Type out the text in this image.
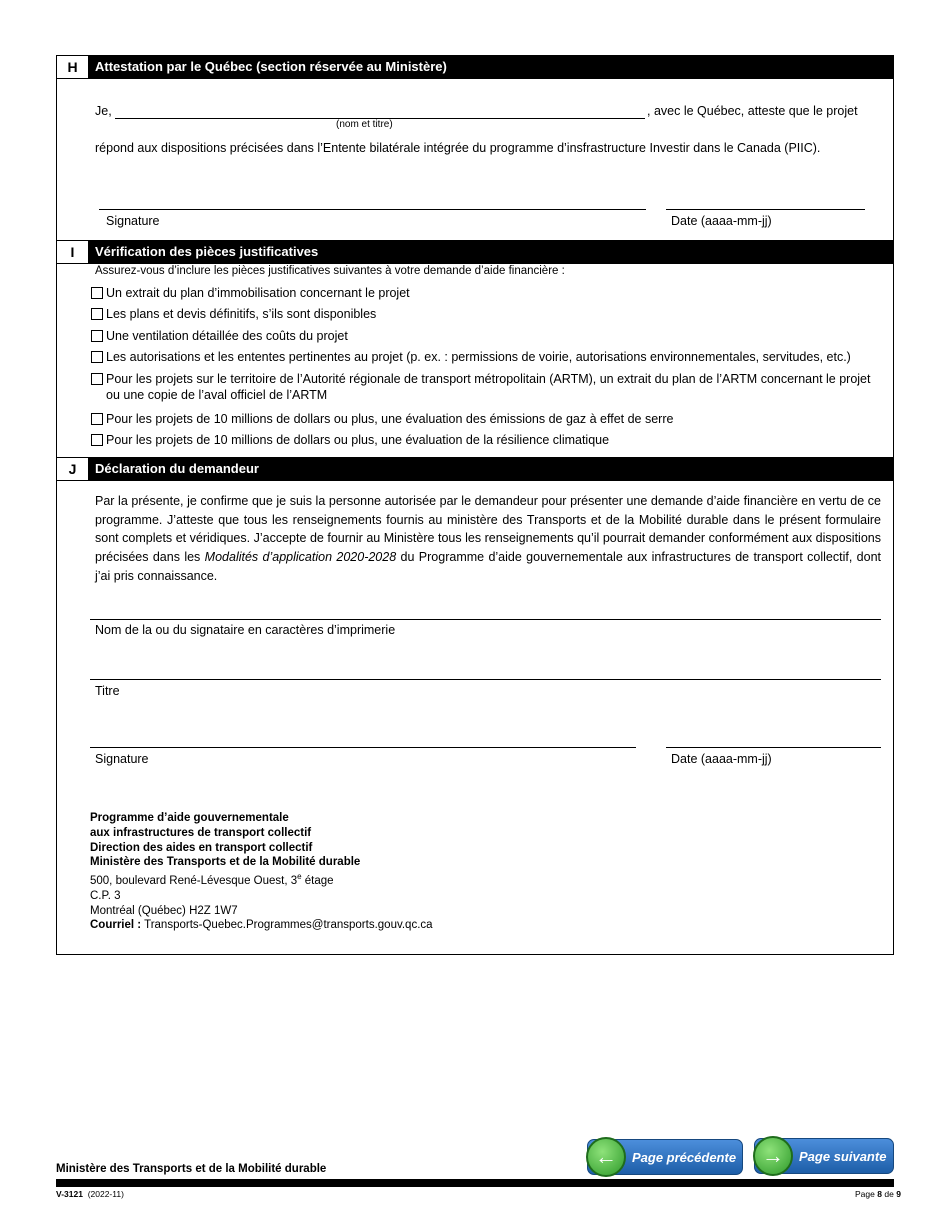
H	Attestation par le Québec (section réservée au Ministère)
Je,
(nom et titre)
, avec le Québec, atteste que le projet
répond aux dispositions précisées dans l’Entente bilatérale intégrée du programme d’insfrastructure Investir dans le Canada (PIIC).
Signature	Date (aaaa-mm-jj)
I	Vérification des pièces justificatives
Assurez-vous d’inclure les pièces justificatives suivantes à votre demande d’aide financière :
Un extrait du plan d’immobilisation concernant le projet
Les plans et devis définitifs, s’ils sont disponibles
Une ventilation détaillée des coûts du projet
Les autorisations et les ententes pertinentes au projet (p. ex. : permissions de voirie, autorisations environnementales, servitudes, etc.)
Pour les projets sur le territoire de l’Autorité régionale de transport métropolitain (ARTM), un extrait du plan de l’ARTM concernant le projet
ou une copie de l’aval officiel de l’ARTM
Pour les projets de 10 millions de dollars ou plus, une évaluation des émissions de gaz à effet de serre
Pour les projets de 10 millions de dollars ou plus, une évaluation de la résilience climatique
J	Déclaration du demandeur
Par la présente, je confirme que je suis la personne autorisée par le demandeur pour présenter une demande d’aide financière en vertu de ce programme. J’atteste que tous les renseignements fournis au ministère des Transports et de la Mobilité durable dans le présent formulaire sont complets et véridiques. J’accepte de fournir au Ministère tous les renseignements qu’il pourrait demander conformément aux dispositions précisées dans les Modalités d’application 2020-2028 du Programme d’aide gouvernementale aux infrastructures de transport collectif, dont j’ai pris connaissance.
Nom de la ou du signataire en caractères d’imprimerie
Titre
Signature	Date (aaaa-mm-jj)
Programme d’aide gouvernementale
aux infrastructures de transport collectif
Direction des aides en transport collectif
Ministère des Transports et de la Mobilité durable
500, boulevard René-Lévesque Ouest, 3e étage
C.P. 3
Montréal (Québec) H2Z 1W7
Courriel : Transports-Quebec.Programmes@transports.gouv.qc.ca
Ministère des Transports et de la Mobilité durable	←	Page précédente	→	Page suivante
V-3121 (2022-11)	Page 8 de 9
